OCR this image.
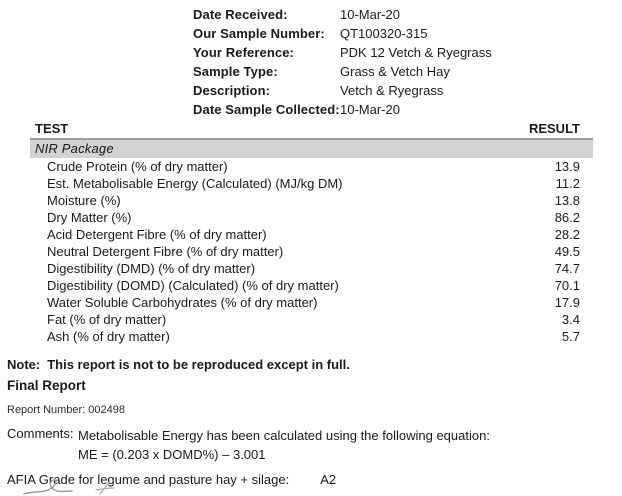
Date Received:	10-Mar-20
Our Sample Number:	QT100320-315
Your Reference:	PDK 12 Vetch & Ryegrass
Sample Type:	Grass & Vetch Hay
Description:	Vetch & Ryegrass
Date Sample Collected: 10-Mar-20
TEST	RESULT
NIR Package	
Crude Protein (% of dry matter)	13.9
Est. Metabolisable Energy (Calculated) (MJ/kg DM)	11.2
Moisture (%)	13.8
Dry Matter (%)	86.2
Acid Detergent Fibre (% of dry matter)	28.2
Neutral Detergent Fibre (% of dry matter)	49.5
Digestibility (DMD) (% of dry matter)	74.7
Digestibility (DOMD) (Calculated) (% of dry matter)	70.1
Water Soluble Carbohydrates (% of dry matter)	17.9
Fat (% of dry matter)	3.4
Ash (% of dry matter)	5.7
Note: This report is not to be reproduced except in full.
Final Report
Report Number: 002498
Comments: Metabolisable Energy has been calculated using the following equation:
ME = (0.203 x DOMD%) – 3.001
AFIA Grade for legume and pasture hay + silage: A2
